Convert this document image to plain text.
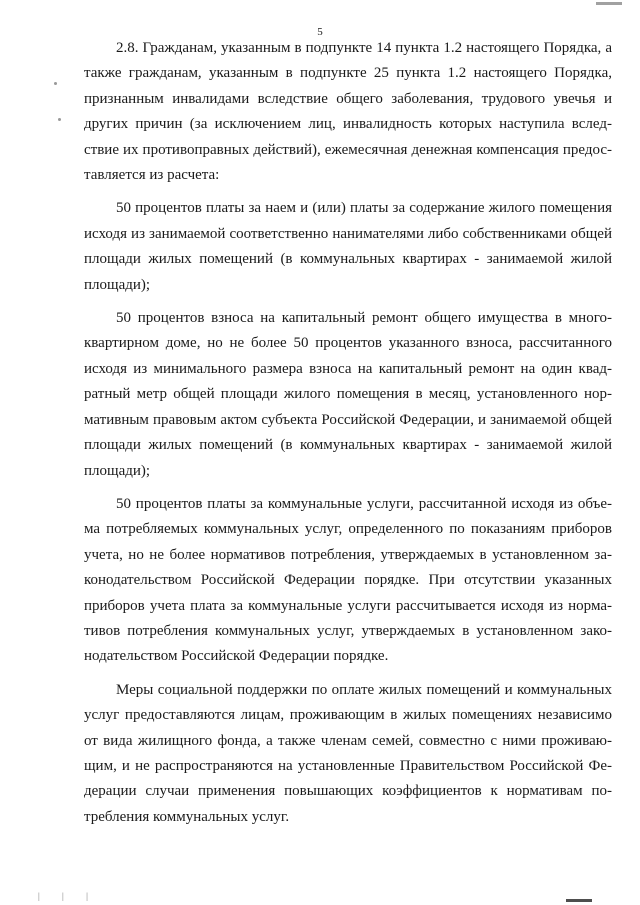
5

2.8. Гражданам, указанным в подпункте 14 пункта 1.2 настоящего Порядка, а также гражданам, указанным в подпункте 25 пункта 1.2 настоящего Порядка, признанным инвалидами вследствие общего заболевания, трудового увечья и других причин (за исключением лиц, инвалидность которых наступила вследствие их противоправных действий), ежемесячная денежная компенсация предоставляется из расчета:

50 процентов платы за наем и (или) платы за содержание жилого помещения исходя из занимаемой соответственно нанимателями либо собственниками общей площади жилых помещений (в коммунальных квартирах - занимаемой жилой площади);

50 процентов взноса на капитальный ремонт общего имущества в многоквартирном доме, но не более 50 процентов указанного взноса, рассчитанного исходя из минимального размера взноса на капитальный ремонт на один квадратный метр общей площади жилого помещения в месяц, установленного нормативным правовым актом субъекта Российской Федерации, и занимаемой общей площади жилых помещений (в коммунальных квартирах - занимаемой жилой площади);

50 процентов платы за коммунальные услуги, рассчитанной исходя из объема потребляемых коммунальных услуг, определенного по показаниям приборов учета, но не более нормативов потребления, утверждаемых в установленном законодательством Российской Федерации порядке. При отсутствии указанных приборов учета плата за коммунальные услуги рассчитывается исходя из нормативов потребления коммунальных услуг, утверждаемых в установленном законодательством Российской Федерации порядке.

Меры социальной поддержки по оплате жилых помещений и коммунальных услуг предоставляются лицам, проживающим в жилых помещениях независимо от вида жилищного фонда, а также членам семей, совместно с ними проживающим, и не распространяются на установленные Правительством Российской Федерации случаи применения повышающих коэффициентов к нормативам потребления коммунальных услуг.

| | |
